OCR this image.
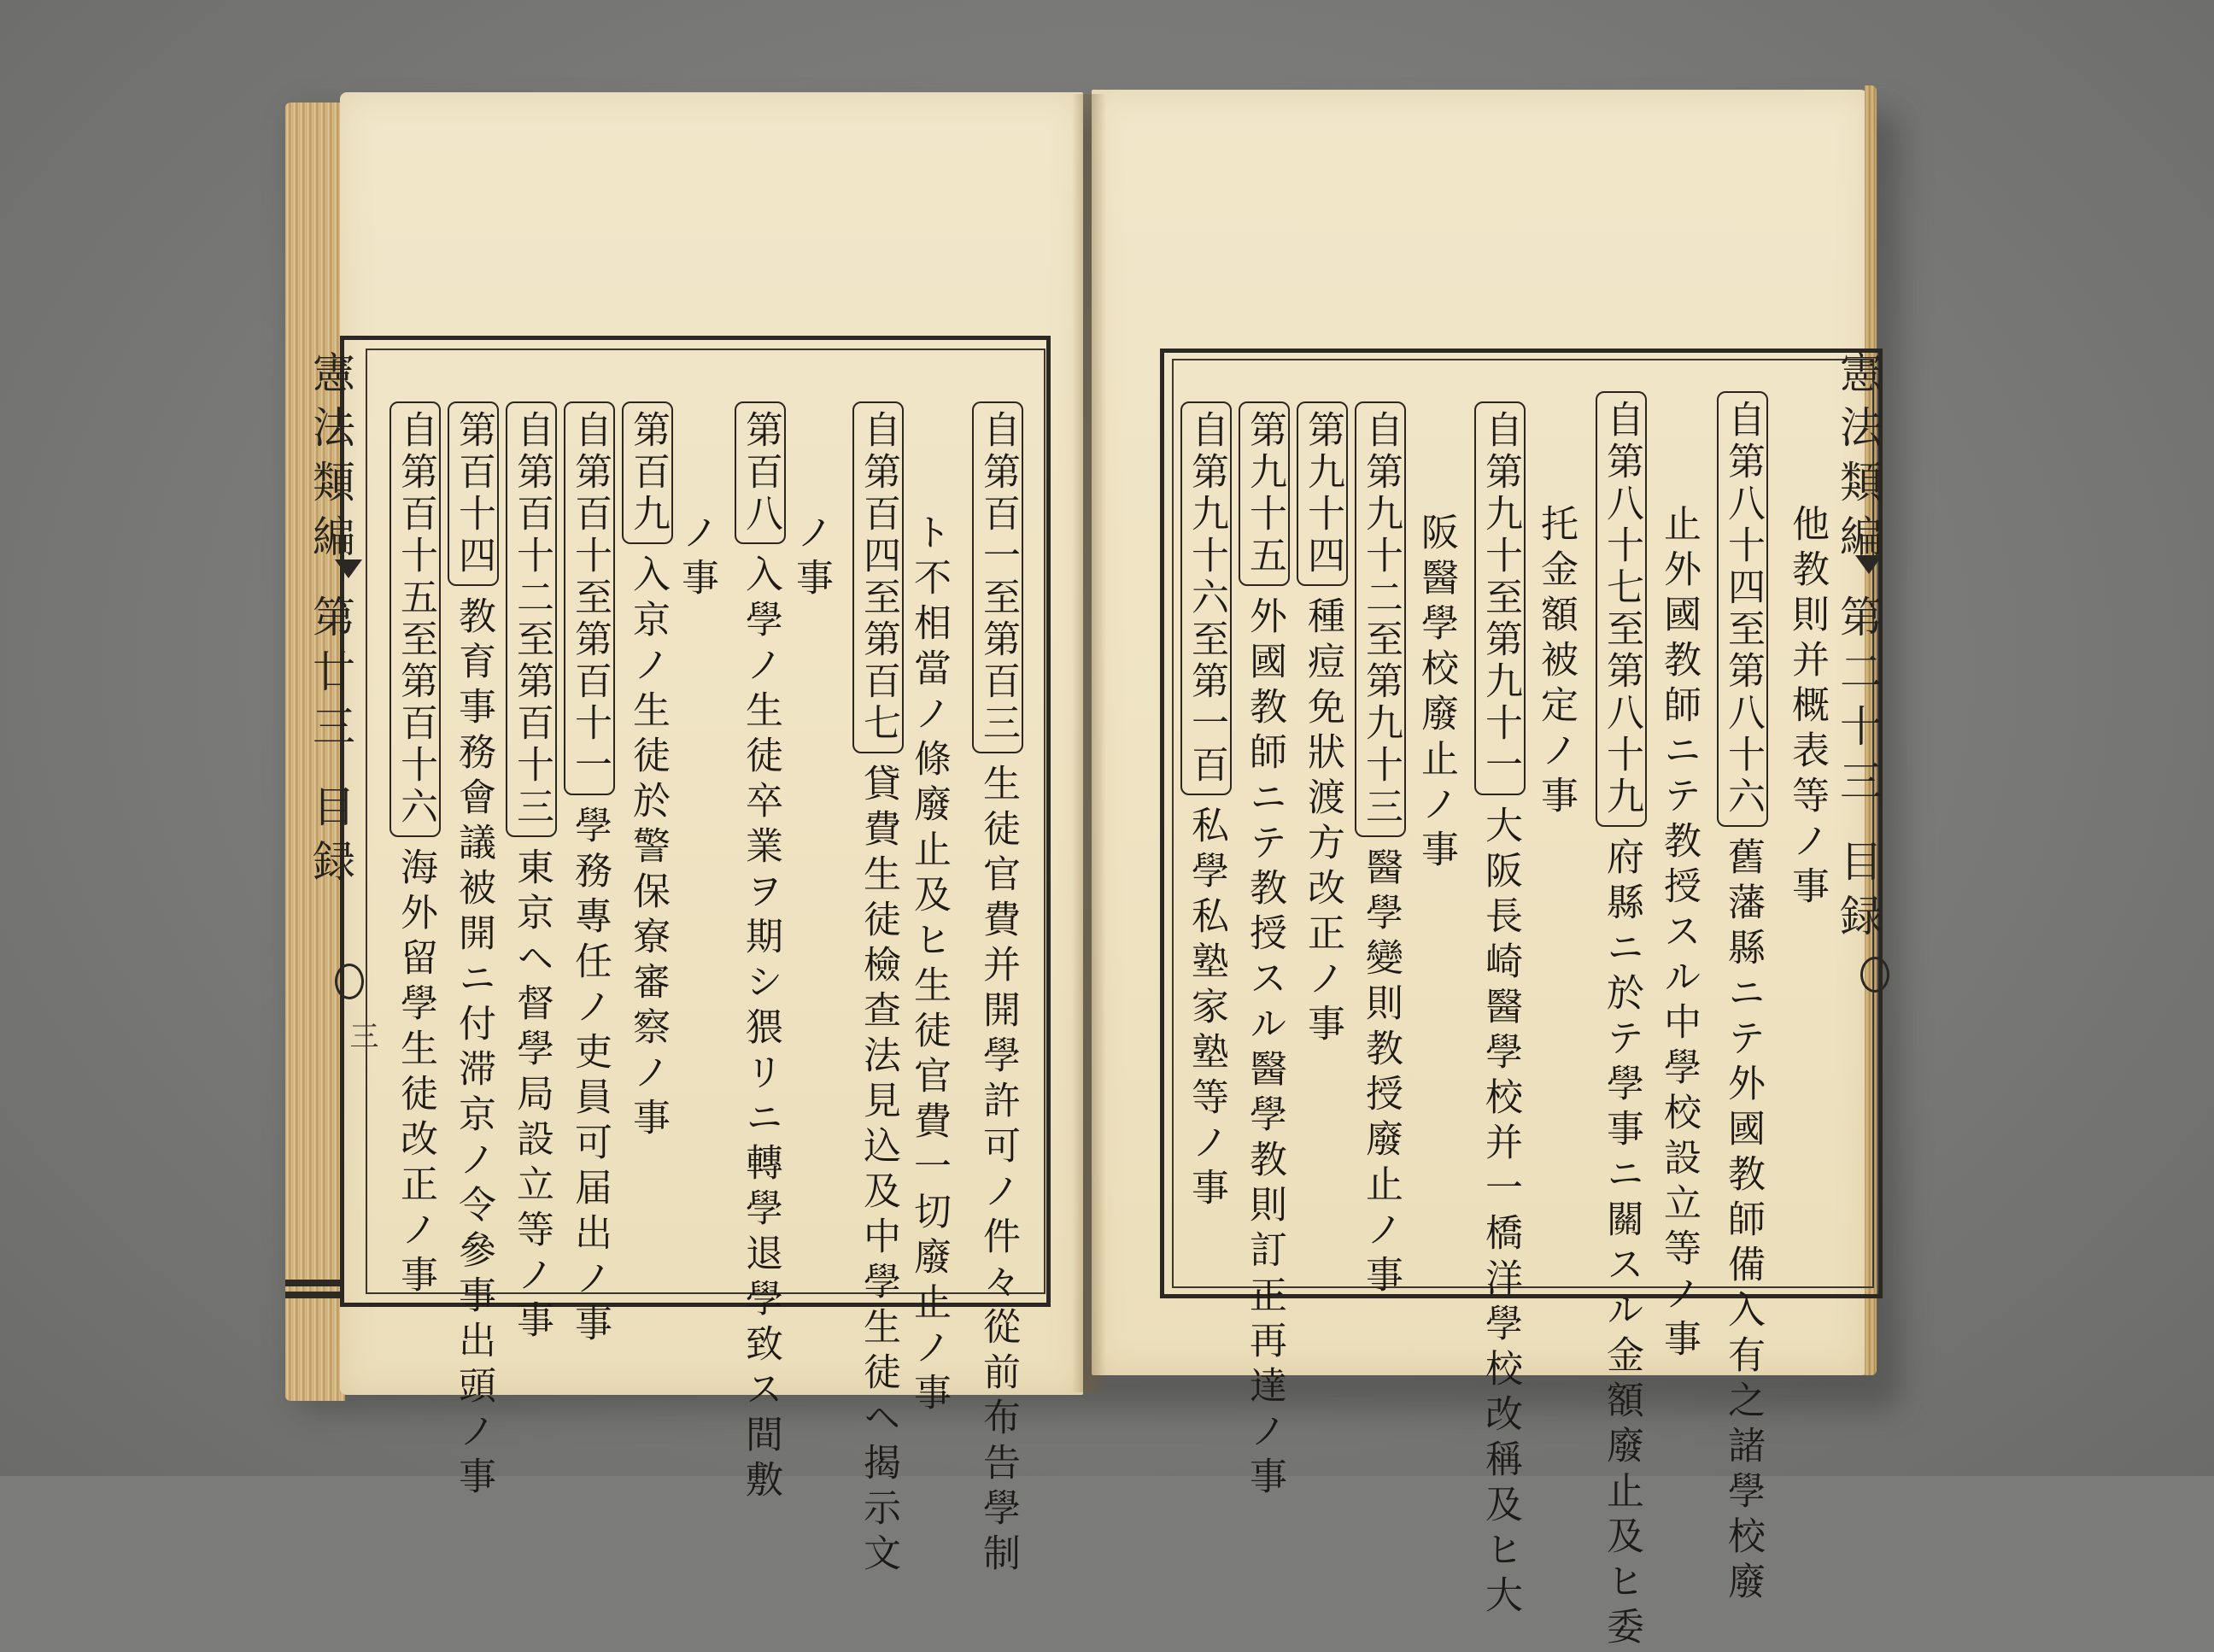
憲法類編 第廿三 目録
三
自第百一至第百三生徒官費并開學許可ノ件々從前布告學制
ト不相當ノ條廢止及ヒ生徒官費一切廢止ノ事
自第百四至第百七貸費生徒檢查法見込及中學生徒ヘ揭示文
ノ事
第百八入學ノ生徒卒業ヲ期シ猥リニ轉學退學致ス間敷
ノ事
第百九入京ノ生徒於警保寮審察ノ事
自第百十至第百十一學務專任ノ吏員可届出ノ事
自第百十二至第百十三東京ヘ督學局設立等ノ事
第百十四教育事務會議被開ニ付滞京ノ令參事出頭ノ事
自第百十五至第百十六海外留學生徒改正ノ事
憲法類編 第二十三 目録
他教則并概表等ノ事
自第八十四至第八十六舊藩縣ニテ外國教師備入有之諸學校廢
止外國教師ニテ教授スル中學校設立等ノ事
自第八十七至第八十九府縣ニ於テ學事ニ關スル金額廢止及ヒ委
托金額被定ノ事
自第九十至第九十一大阪長崎醫學校并一橋洋學校改稱及ヒ大
阪醫學校廢止ノ事
自第九十二至第九十三醫學變則教授廢止ノ事
第九十四種痘免狀渡方改正ノ事
第九十五外國教師ニテ教授スル醫學教則訂正再達ノ事
自第九十六至第一百私學私塾家塾等ノ事
